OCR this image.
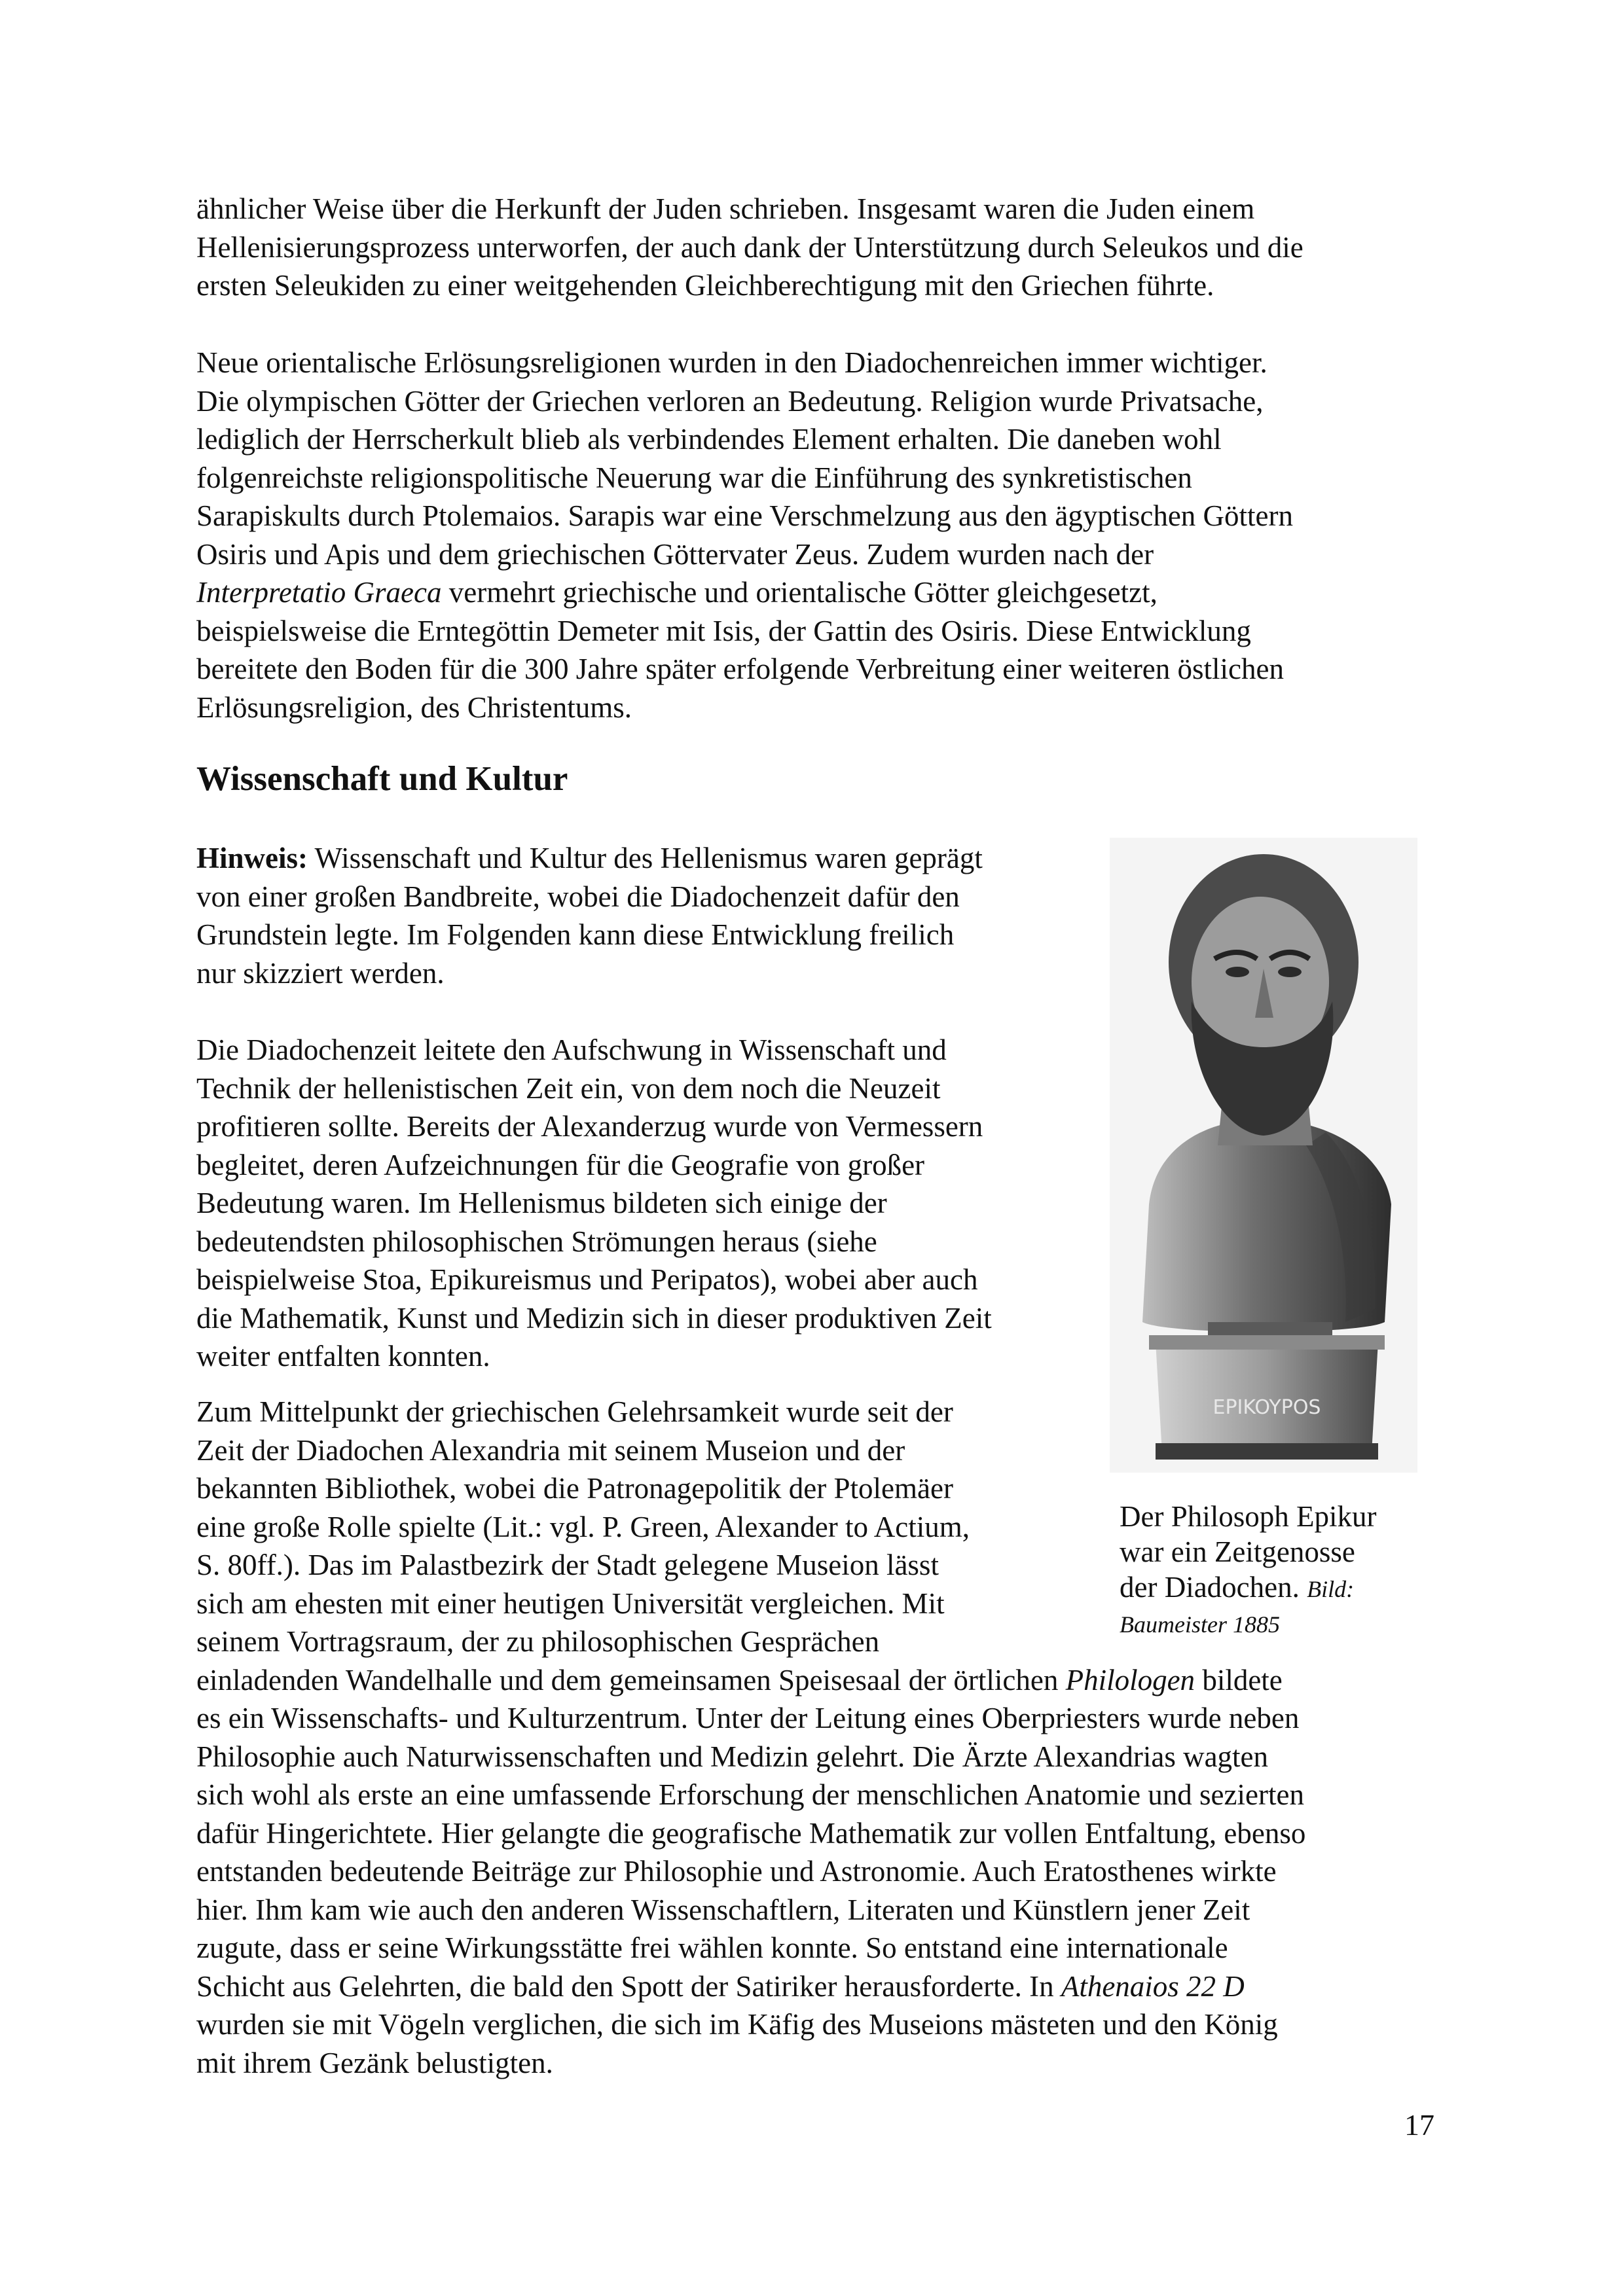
ähnlicher Weise über die Herkunft der Juden schrieben. Insgesamt waren die Juden einem
Hellenisierungsprozess unterworfen, der auch dank der Unterstützung durch Seleukos und die
ersten Seleukiden zu einer weitgehenden Gleichberechtigung mit den Griechen führte.
Neue orientalische Erlösungsreligionen wurden in den Diadochenreichen immer wichtiger.
Die olympischen Götter der Griechen verloren an Bedeutung. Religion wurde Privatsache,
lediglich der Herrscherkult blieb als verbindendes Element erhalten. Die daneben wohl
folgenreichste religionspolitische Neuerung war die Einführung des synkretistischen
Sarapiskults durch Ptolemaios. Sarapis war eine Verschmelzung aus den ägyptischen Göttern
Osiris und Apis und dem griechischen Göttervater Zeus. Zudem wurden nach der
Interpretatio Graeca vermehrt griechische und orientalische Götter gleichgesetzt,
beispielsweise die Erntegöttin Demeter mit Isis, der Gattin des Osiris. Diese Entwicklung
bereitete den Boden für die 300 Jahre später erfolgende Verbreitung einer weiteren östlichen
Erlösungsreligion, des Christentums.
Wissenschaft und Kultur
Hinweis: Wissenschaft und Kultur des Hellenismus waren geprägt
von einer großen Bandbreite, wobei die Diadochenzeit dafür den
Grundstein legte. Im Folgenden kann diese Entwicklung freilich
nur skizziert werden.
Die Diadochenzeit leitete den Aufschwung in Wissenschaft und
Technik der hellenistischen Zeit ein, von dem noch die Neuzeit
profitieren sollte. Bereits der Alexanderzug wurde von Vermessern
begleitet, deren Aufzeichnungen für die Geografie von großer
Bedeutung waren. Im Hellenismus bildeten sich einige der
bedeutendsten philosophischen Strömungen heraus (siehe
beispielweise Stoa, Epikureismus und Peripatos), wobei aber auch
die Mathematik, Kunst und Medizin sich in dieser produktiven Zeit
weiter entfalten konnten.
Zum Mittelpunkt der griechischen Gelehrsamkeit wurde seit der
Zeit der Diadochen Alexandria mit seinem Museion und der
bekannten Bibliothek, wobei die Patronagepolitik der Ptolemäer
eine große Rolle spielte (Lit.: vgl. P. Green, Alexander to Actium,
S. 80ff.). Das im Palastbezirk der Stadt gelegene Museion lässt
sich am ehesten mit einer heutigen Universität vergleichen. Mit
seinem Vortragsraum, der zu philosophischen Gesprächen
einladenden Wandelhalle und dem gemeinsamen Speisesaal der örtlichen Philologen bildete
es ein Wissenschafts- und Kulturzentrum. Unter der Leitung eines Oberpriesters wurde neben
Philosophie auch Naturwissenschaften und Medizin gelehrt. Die Ärzte Alexandrias wagten
sich wohl als erste an eine umfassende Erforschung der menschlichen Anatomie und sezierten
dafür Hingerichtete. Hier gelangte die geografische Mathematik zur vollen Entfaltung, ebenso
entstanden bedeutende Beiträge zur Philosophie und Astronomie. Auch Eratosthenes wirkte
hier. Ihm kam wie auch den anderen Wissenschaftlern, Literaten und Künstlern jener Zeit
zugute, dass er seine Wirkungsstätte frei wählen konnte. So entstand eine internationale
Schicht aus Gelehrten, die bald den Spott der Satiriker herausforderte. In Athenaios 22 D
wurden sie mit Vögeln verglichen, die sich im Käfig des Museions mästeten und den König
mit ihrem Gezänk belustigten.
EPIKOYPOS
Der Philosoph Epikur
war ein Zeitgenosse
der Diadochen. Bild:
Baumeister 1885
17
